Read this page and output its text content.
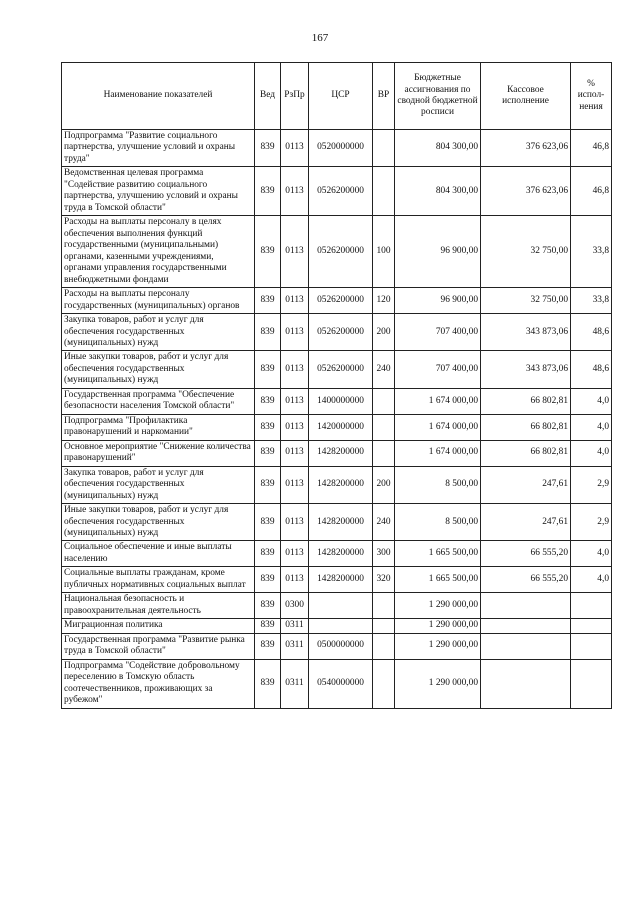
167
Наименование показателей	Вед	РзПр	ЦСР	ВР	Бюджетные ассигнования по сводной бюджетной росписи	Кассовое исполнение	% испол-нения
Подпрограмма "Развитие социального партнерства, улучшение условий и охраны труда"	839	0113	0520000000		804 300,00	376 623,06	46,8
Ведомственная целевая программа "Содействие развитию социального партнерства, улучшению условий и охраны труда в Томской области"	839	0113	0526200000		804 300,00	376 623,06	46,8
Расходы на выплаты персоналу в целях обеспечения выполнения функций государственными (муниципальными) органами, казенными учреждениями, органами управления государственными внебюджетными фондами	839	0113	0526200000	100	96 900,00	32 750,00	33,8
Расходы на выплаты персоналу государственных (муниципальных) органов	839	0113	0526200000	120	96 900,00	32 750,00	33,8
Закупка товаров, работ и услуг для обеспечения государственных (муниципальных) нужд	839	0113	0526200000	200	707 400,00	343 873,06	48,6
Иные закупки товаров, работ и услуг для обеспечения государственных (муниципальных) нужд	839	0113	0526200000	240	707 400,00	343 873,06	48,6
Государственная программа "Обеспечение безопасности населения Томской области"	839	0113	1400000000		1 674 000,00	66 802,81	4,0
Подпрограмма "Профилактика правонарушений и наркомании"	839	0113	1420000000		1 674 000,00	66 802,81	4,0
Основное мероприятие "Снижение количества правонарушений"	839	0113	1428200000		1 674 000,00	66 802,81	4,0
Закупка товаров, работ и услуг для обеспечения государственных (муниципальных) нужд	839	0113	1428200000	200	8 500,00	247,61	2,9
Иные закупки товаров, работ и услуг для обеспечения государственных (муниципальных) нужд	839	0113	1428200000	240	8 500,00	247,61	2,9
Социальное обеспечение и иные выплаты населению	839	0113	1428200000	300	1 665 500,00	66 555,20	4,0
Социальные выплаты гражданам, кроме публичных нормативных социальных выплат	839	0113	1428200000	320	1 665 500,00	66 555,20	4,0
Национальная безопасность и правоохранительная деятельность	839	0300			1 290 000,00		
Миграционная политика	839	0311			1 290 000,00		
Государственная программа "Развитие рынка труда в Томской области"	839	0311	0500000000		1 290 000,00		
Подпрограмма "Содействие добровольному переселению в Томскую область соотечественников, проживающих за рубежом"	839	0311	0540000000		1 290 000,00		
